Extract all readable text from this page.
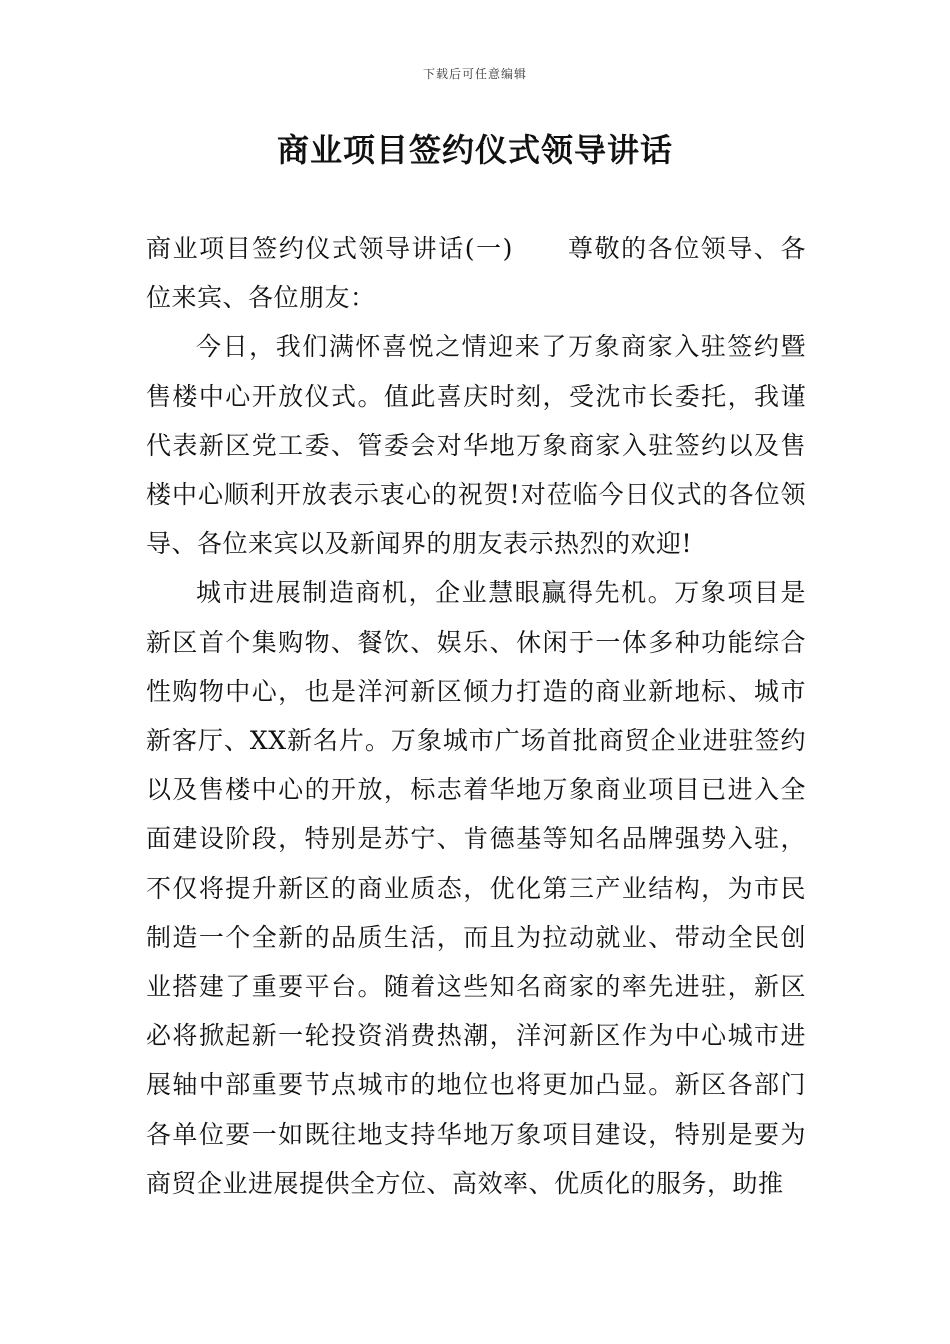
下载后可任意编辑
商业项目签约仪式领导讲话

商业项目签约仪式领导讲话(一) 尊敬的各位领导、各位来宾、各位朋友：

今日，我们满怀喜悦之情迎来了万象商家入驻签约暨售楼中心开放仪式。值此喜庆时刻，受沈市长委托，我谨代表新区党工委、管委会对华地万象商家入驻签约以及售楼中心顺利开放表示衷心的祝贺!对莅临今日仪式的各位领导、各位来宾以及新闻界的朋友表示热烈的欢迎!

城市进展制造商机，企业慧眼赢得先机。万象项目是新区首个集购物、餐饮、娱乐、休闲于一体多种功能综合性购物中心，也是洋河新区倾力打造的商业新地标、城市新客厅、XX新名片。万象城市广场首批商贸企业进驻签约以及售楼中心的开放，标志着华地万象商业项目已进入全面建设阶段，特别是苏宁、肯德基等知名品牌强势入驻，不仅将提升新区的商业质态，优化第三产业结构，为市民制造一个全新的品质生活，而且为拉动就业、带动全民创业搭建了重要平台。随着这些知名商家的率先进驻，新区必将掀起新一轮投资消费热潮，洋河新区作为中心城市进展轴中部重要节点城市的地位也将更加凸显。新区各部门各单位要一如既往地支持华地万象项目建设，特别是要为商贸企业进展提供全方位、高效率、优质化的服务，助推
